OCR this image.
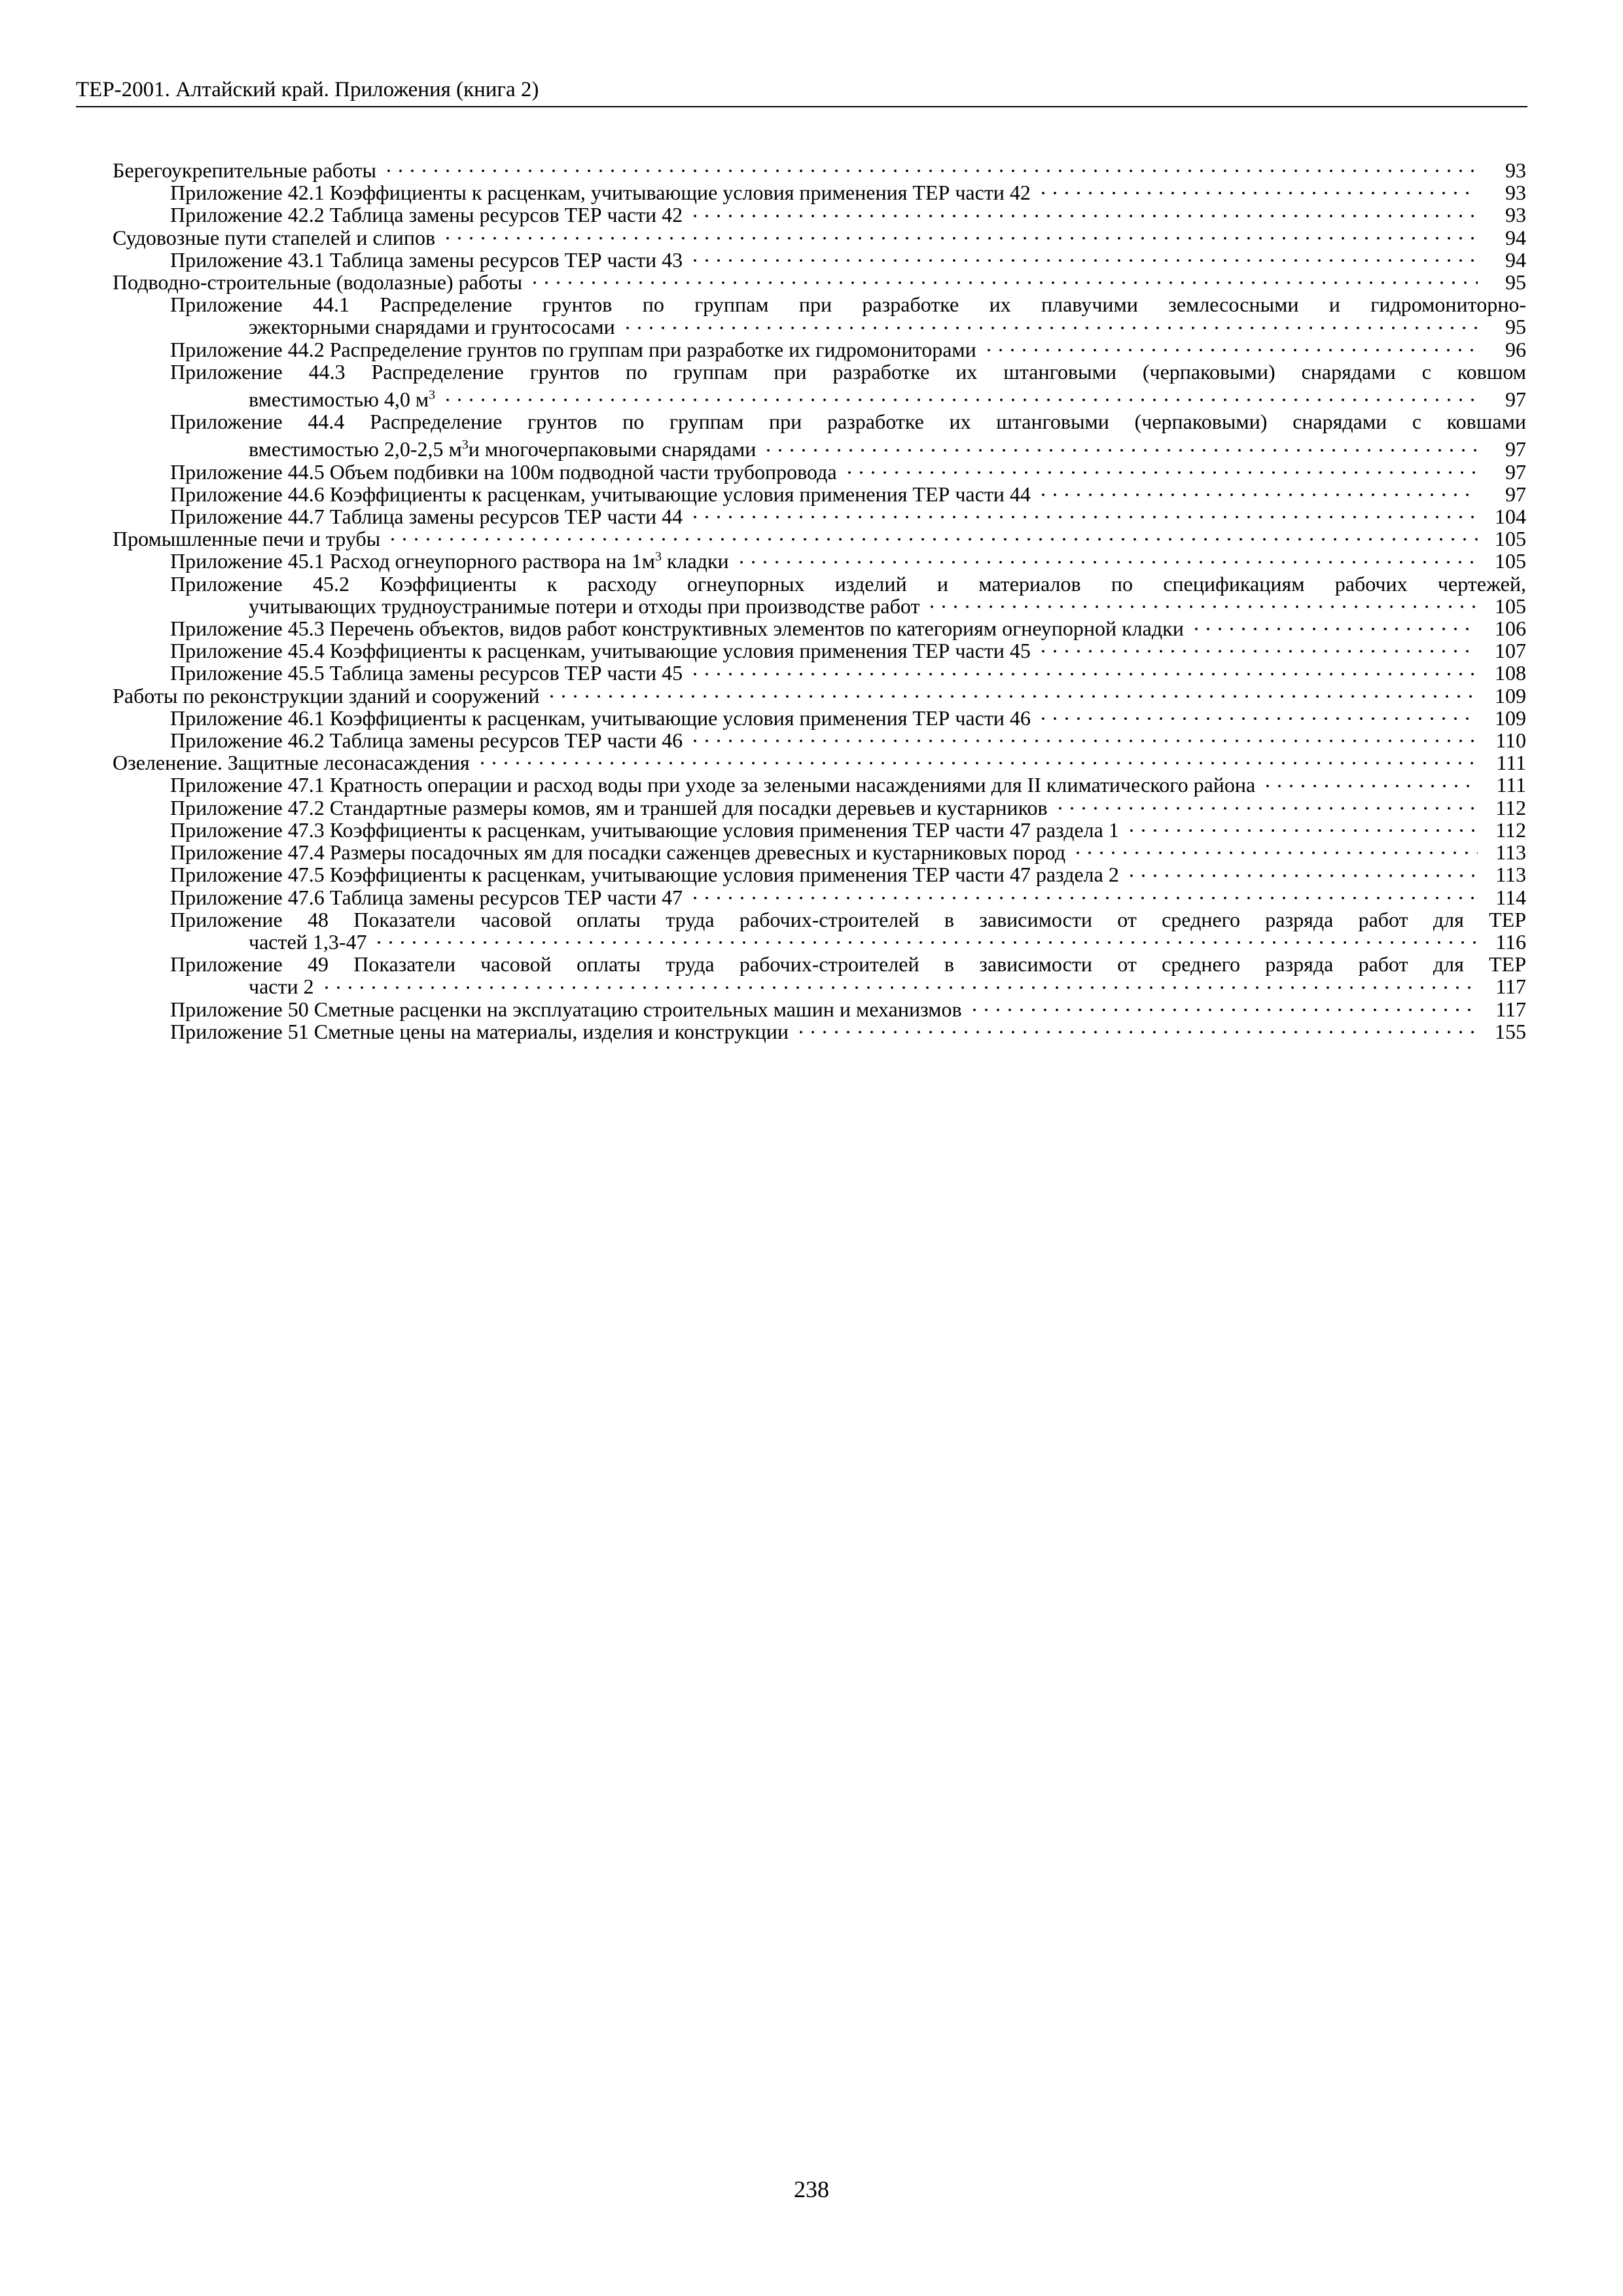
ТЕР-2001. Алтайский край. Приложения (книга 2)
Берегоукрепительные работы	93
Приложение 42.1 Коэффициенты к расценкам, учитывающие условия применения ТЕР части 42	93
Приложение 42.2 Таблица замены ресурсов ТЕР части 42	93
Судовозные пути стапелей и слипов	94
Приложение 43.1 Таблица замены ресурсов ТЕР части 43	94
Подводно-строительные (водолазные) работы	95
Приложение 44.1 Распределение грунтов по группам при разработке их плавучими землесосными и гидромониторно-
эжекторными снарядами и грунтососами	95
Приложение 44.2 Распределение грунтов по группам при разработке их гидромониторами	96
Приложение 44.3 Распределение грунтов по группам при разработке их штанговыми (черпаковыми) снарядами с ковшом
вместимостью 4,0 $м^3$	97
Приложение 44.4 Распределение грунтов по группам при разработке их штанговыми (черпаковыми) снарядами с ковшами
вместимостью 2,0-2,5 $м^3и$ многочерпаковыми снарядами	97
Приложение 44.5 Объем подбивки на 100м подводной части трубопровода	97
Приложение 44.6 Коэффициенты к расценкам, учитывающие условия применения ТЕР части 44	97
Приложение 44.7 Таблица замены ресурсов ТЕР части 44	104
Промышленные печи и трубы	105
Приложение 45.1 Расход огнеупорного раствора на $1м^3$ кладки	105
Приложение 45.2 Коэффициенты к расходу огнеупорных изделий и материалов по спецификациям рабочих чертежей,
учитывающих трудноустранимые потери и отходы при производстве работ	105
Приложение 45.3 Перечень объектов, видов работ конструктивных элементов по категориям огнеупорной кладки	106
Приложение 45.4 Коэффициенты к расценкам, учитывающие условия применения ТЕР части 45	107
Приложение 45.5 Таблица замены ресурсов ТЕР части 45	108
Работы по реконструкции зданий и сооружений	109
Приложение 46.1 Коэффициенты к расценкам, учитывающие условия применения ТЕР части 46	109
Приложение 46.2 Таблица замены ресурсов ТЕР части 46	110
Озеленение. Защитные лесонасаждения	111
Приложение 47.1 Кратность операции и расход воды при уходе за зелеными насаждениями для II климатического района	111
Приложение 47.2 Стандартные размеры комов, ям и траншей для посадки деревьев и кустарников	112
Приложение 47.3 Коэффициенты к расценкам, учитывающие условия применения ТЕР части 47 раздела 1	112
Приложение 47.4 Размеры посадочных ям для посадки саженцев древесных и кустарниковых пород	113
Приложение 47.5 Коэффициенты к расценкам, учитывающие условия применения ТЕР части 47 раздела 2	113
Приложение 47.6 Таблица замены ресурсов ТЕР части 47	114
Приложение 48 Показатели часовой оплаты труда рабочих-строителей в зависимости от среднего разряда работ для ТЕР
частей 1,3-47	116
Приложение 49 Показатели часовой оплаты труда рабочих-строителей в зависимости от среднего разряда работ для ТЕР
части 2	117
Приложение 50 Сметные расценки на эксплуатацию строительных машин и механизмов	117
Приложение 51 Сметные цены на материалы, изделия и конструкции	155
238
